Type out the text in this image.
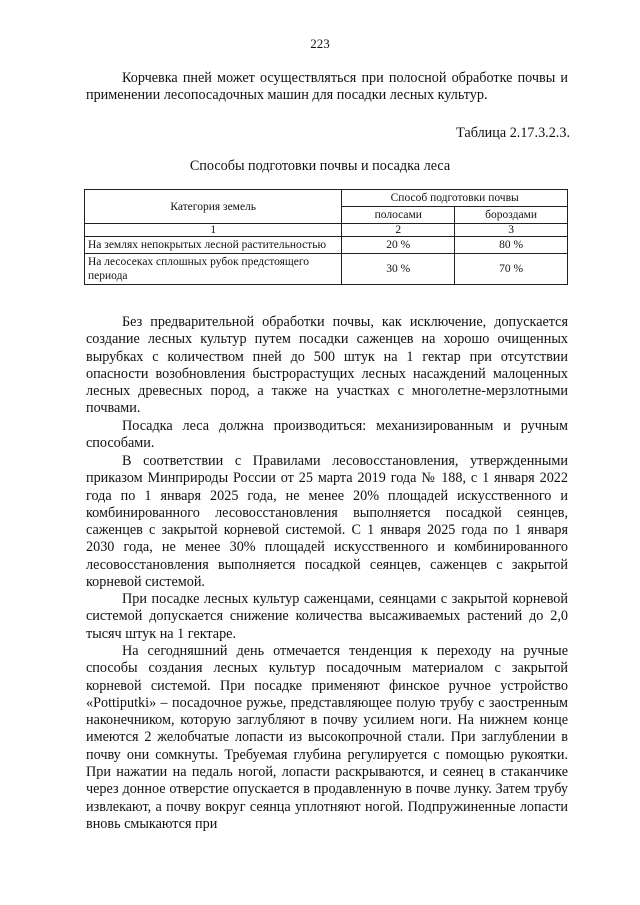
223

Корчевка пней может осуществляться при полосной обработке почвы и применении лесопосадочных машин для посадки лесных культур.

Таблица 2.17.3.2.3.
Способы подготовки почвы и посадка леса
Категория земель	Способ подготовки почвы	
	полосами	бороздами
1	2	3
На землях непокрытых лесной растительностью	20 %	80 %
На лесосеках сплошных рубок предстоящего периода	30 %	70 %

Без предварительной обработки почвы, как исключение, допускается создание лесных культур путем посадки саженцев на хорошо очищенных вырубках с количеством пней до 500 штук на 1 гектар при отсутствии опасности возобновления быстрорастущих лесных насаждений малоценных лесных древесных пород, а также на участках с многолетне-мерзлотными почвами.

Посадка леса должна производиться: механизированным и ручным способами.

В соответствии с Правилами лесовосстановления, утвержденными приказом Минприроды России от 25 марта 2019 года № 188, с 1 января 2022 года по 1 января 2025 года, не менее 20% площадей искусственного и комбинированного лесовосстановления выполняется посадкой сеянцев, саженцев с закрытой корневой системой. С 1 января 2025 года по 1 января 2030 года, не менее 30% площадей искусственного и комбинированного лесовосстановления выполняется посадкой сеянцев, саженцев с закрытой корневой системой.

При посадке лесных культур саженцами, сеянцами с закрытой корневой системой допускается снижение количества высаживаемых растений до 2,0 тысяч штук на 1 гектаре.

На сегодняшний день отмечается тенденция к переходу на ручные способы создания лесных культур посадочным материалом с закрытой корневой системой. При посадке применяют финское ручное устройство «Pottiputki» – посадочное ружье, представляющее полую трубу с заостренным наконечником, которую заглубляют в почву усилием ноги. На нижнем конце имеются 2 желобчатые лопасти из высокопрочной стали. При заглублении в почву они сомкнуты. Требуемая глубина регулируется с помощью рукоятки. При нажатии на педаль ногой, лопасти раскрываются, и сеянец в стаканчике через донное отверстие опускается в продавленную в почве лунку. Затем трубу извлекают, а почву вокруг сеянца уплотняют ногой. Подпружиненные лопасти вновь смыкаются при
